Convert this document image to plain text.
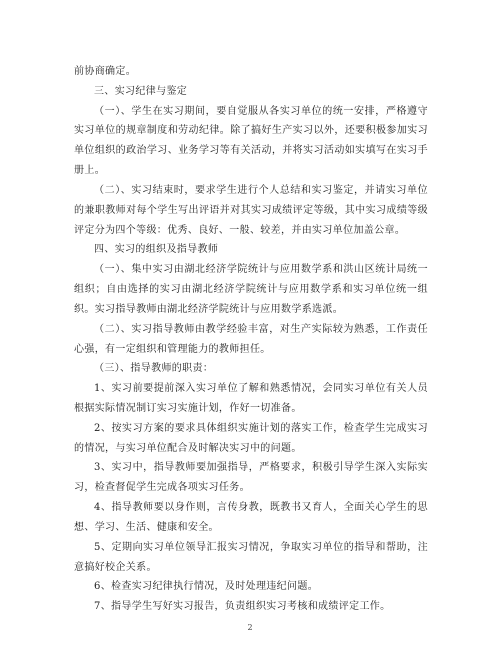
前协商确定。

三、实习纪律与鉴定

（一）、学生在实习期间，要自觉服从各实习单位的统一安排，严格遵守实习单位的规章制度和劳动纪律。除了搞好生产实习以外，还要积极参加实习单位组织的政治学习、业务学习等有关活动，并将实习活动如实填写在实习手册上。

（二）、实习结束时，要求学生进行个人总结和实习鉴定，并请实习单位的兼职教师对每个学生写出评语并对其实习成绩评定等级，其中实习成绩等级评定分为四个等级：优秀、良好、一般、较差，并由实习单位加盖公章。

四、实习的组织及指导教师

（一）、集中实习由湖北经济学院统计与应用数学系和洪山区统计局统一组织；自由选择的实习由湖北经济学院统计与应用数学系和实习单位统一组织。实习指导教师由湖北经济学院统计与应用数学系选派。

（二）、实习指导教师由教学经验丰富，对生产实际较为熟悉，工作责任心强，有一定组织和管理能力的教师担任。

（三）、指导教师的职责：

1、实习前要提前深入实习单位了解和熟悉情况，会同实习单位有关人员根据实际情况制订实习实施计划，作好一切准备。

2、按实习方案的要求具体组织实施计划的落实工作，检查学生完成实习的情况，与实习单位配合及时解决实习中的问题。

3、实习中，指导教师要加强指导，严格要求，积极引导学生深入实际实习，检查督促学生完成各项实习任务。

4、指导教师要以身作则，言传身教，既教书又育人，全面关心学生的思想、学习、生活、健康和安全。

5、定期向实习单位领导汇报实习情况，争取实习单位的指导和帮助，注意搞好校企关系。

6、检查实习纪律执行情况，及时处理违纪问题。

7、指导学生写好实习报告，负责组织实习考核和成绩评定工作。

2
